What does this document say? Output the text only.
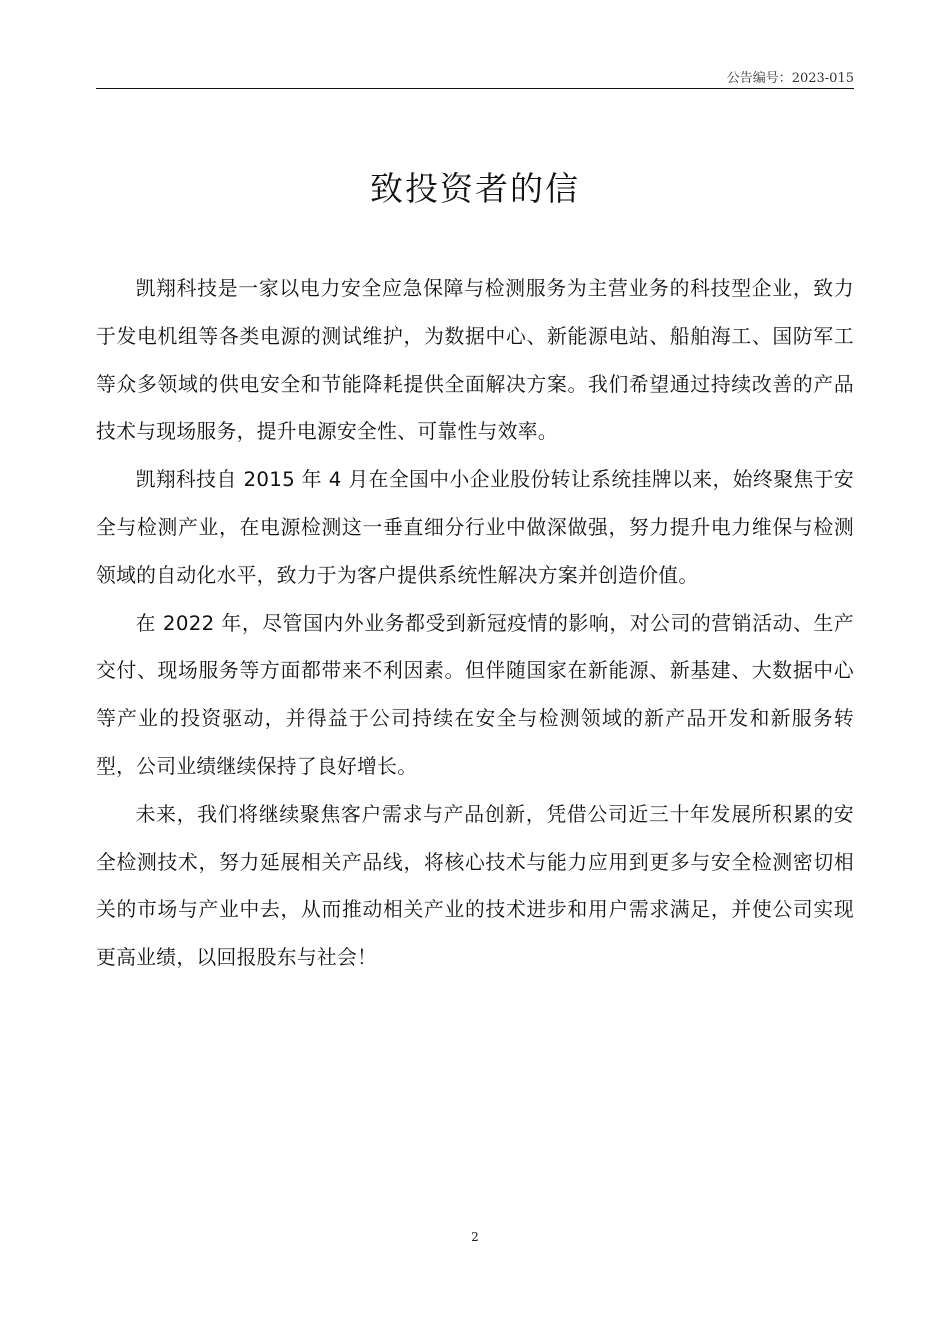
公告编号：2023-015
致投资者的信

凯翔科技是一家以电力安全应急保障与检测服务为主营业务的科技型企业，致力于发电机组等各类电源的测试维护，为数据中心、新能源电站、船舶海工、国防军工等众多领域的供电安全和节能降耗提供全面解决方案。我们希望通过持续改善的产品技术与现场服务，提升电源安全性、可靠性与效率。

凯翔科技自 2015 年 4 月在全国中小企业股份转让系统挂牌以来，始终聚焦于安全与检测产业，在电源检测这一垂直细分行业中做深做强，努力提升电力维保与检测领域的自动化水平，致力于为客户提供系统性解决方案并创造价值。

在 2022 年，尽管国内外业务都受到新冠疫情的影响，对公司的营销活动、生产交付、现场服务等方面都带来不利因素。但伴随国家在新能源、新基建、大数据中心等产业的投资驱动，并得益于公司持续在安全与检测领域的新产品开发和新服务转型，公司业绩继续保持了良好增长。

未来，我们将继续聚焦客户需求与产品创新，凭借公司近三十年发展所积累的安全检测技术，努力延展相关产品线，将核心技术与能力应用到更多与安全检测密切相关的市场与产业中去，从而推动相关产业的技术进步和用户需求满足，并使公司实现更高业绩，以回报股东与社会！

2
